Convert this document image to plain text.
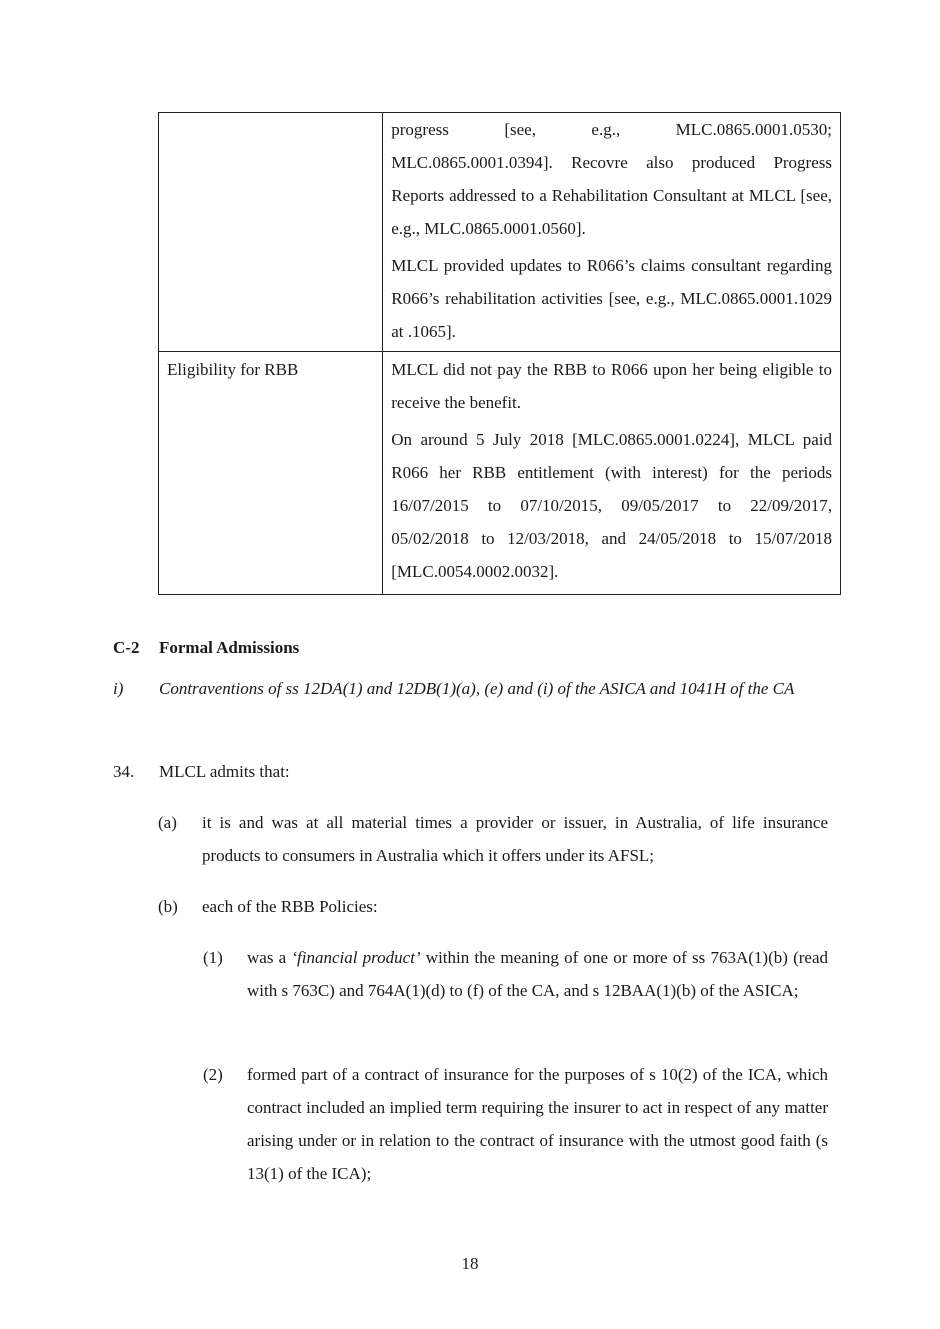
	progress [see, e.g., MLC.0865.0001.0530; MLC.0865.0001.0394]. Recovre also produced Progress Reports addressed to a Rehabilitation Consultant at MLCL [see, e.g., MLC.0865.0001.0560].

MLCL provided updates to R066’s claims consultant regarding R066’s rehabilitation activities [see, e.g., MLC.0865.0001.1029 at .1065].

Eligibility for RBB	MLCL did not pay the RBB to R066 upon her being eligible to receive the benefit.

On around 5 July 2018 [MLC.0865.0001.0224], MLCL paid R066 her RBB entitlement (with interest) for the periods 16/07/2015 to 07/10/2015, 09/05/2017 to 22/09/2017, 05/02/2018 to 12/03/2018, and 24/05/2018 to 15/07/2018 [MLC.0054.0002.0032].

C-2 Formal Admissions

i) Contraventions of ss 12DA(1) and 12DB(1)(a), (e) and (i) of the ASICA and 1041H of the CA

34. MLCL admits that:

(a) it is and was at all material times a provider or issuer, in Australia, of life insurance products to consumers in Australia which it offers under its AFSL;

(b) each of the RBB Policies:

(1) was a ‘financial product’ within the meaning of one or more of ss 763A(1)(b) (read with s 763C) and 764A(1)(d) to (f) of the CA, and s 12BAA(1)(b) of the ASICA;

(2) formed part of a contract of insurance for the purposes of s 10(2) of the ICA, which contract included an implied term requiring the insurer to act in respect of any matter arising under or in relation to the contract of insurance with the utmost good faith (s 13(1) of the ICA);

18
